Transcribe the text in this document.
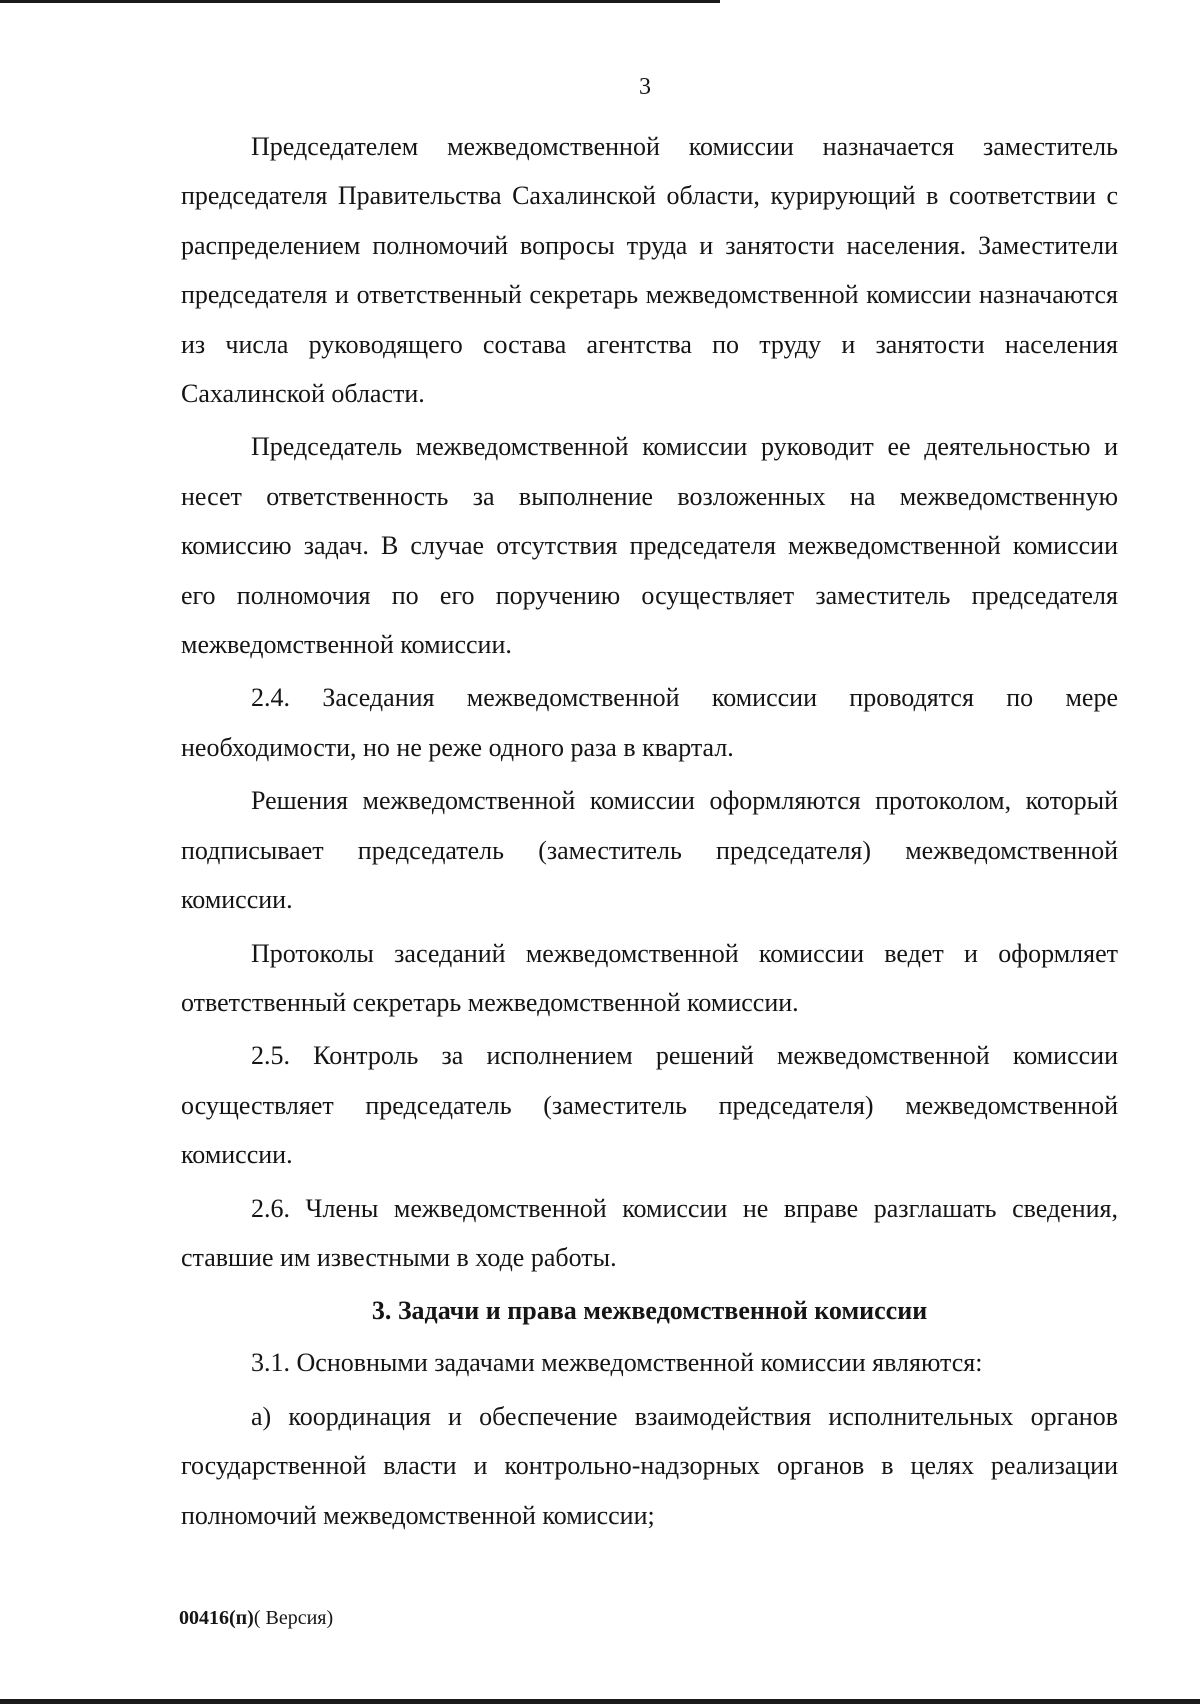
3

Председателем межведомственной комиссии назначается заместитель председателя Правительства Сахалинской области, курирующий в соответствии с распределением полномочий вопросы труда и занятости населения. Заместители председателя и ответственный секретарь межведомственной комиссии назначаются из числа руководящего состава агентства по труду и занятости населения Сахалинской области.

Председатель межведомственной комиссии руководит ее деятельностью и несет ответственность за выполнение возложенных на межведомственную комиссию задач. В случае отсутствия председателя межведомственной комиссии его полномочия по его поручению осуществляет заместитель председателя межведомственной комиссии.

2.4. Заседания межведомственной комиссии проводятся по мере необходимости, но не реже одного раза в квартал.

Решения межведомственной комиссии оформляются протоколом, который подписывает председатель (заместитель председателя) межведомственной комиссии.

Протоколы заседаний межведомственной комиссии ведет и оформляет ответственный секретарь межведомственной комиссии.

2.5. Контроль за исполнением решений межведомственной комиссии осуществляет председатель (заместитель председателя) межведомственной комиссии.

2.6. Члены межведомственной комиссии не вправе разглашать сведения, ставшие им известными в ходе работы.

3. Задачи и права межведомственной комиссии

3.1. Основными задачами межведомственной комиссии являются:

а) координация и обеспечение взаимодействия исполнительных органов государственной власти и контрольно-надзорных органов в целях реализации полномочий межведомственной комиссии;

00416(п)( Версия)
